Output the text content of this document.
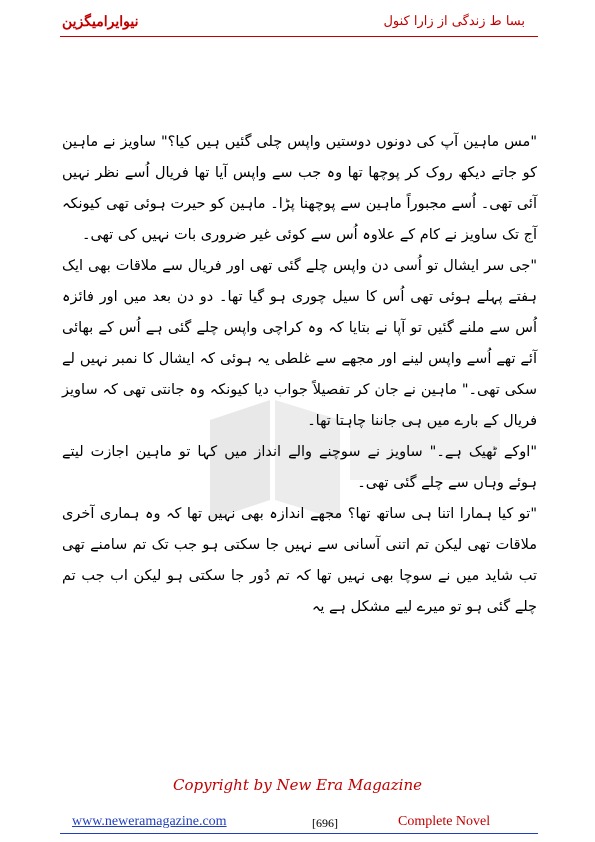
نیوایرامیگزین	بسا ط زندگی از زارا کنول

"مس ماہین آپ کی دونوں دوستیں واپس چلی گئیں ہیں کیا؟" ساویز نے ماہین کو جاتے دیکھ روک کر پوچھا تھا وہ جب سے واپس آیا تھا فریال اُسے نظر نہیں آئی تھی۔ اُسے مجبوراً ماہین سے پوچھنا پڑا۔ ماہین کو حیرت ہوئی تھی کیونکہ آج تک ساویز نے کام کے علاوہ اُس سے کوئی غیر ضروری بات نہیں کی تھی۔

"جی سر ایشال تو اُسی دن واپس چلے گئی تھی اور فریال سے ملاقات بھی ایک ہفتے پہلے ہوئی تھی اُس کا سیل چوری ہو گیا تھا۔ دو دن بعد میں اور فائزہ اُس سے ملنے گئیں تو آپا نے بتایا کہ وہ کراچی واپس چلے گئی ہے اُس کے بھائی آئے تھے اُسے واپس لینے اور مجھے سے غلطی یہ ہوئی کہ ایشال کا نمبر نہیں لے سکی تھی۔" ماہین نے جان کر تفصیلاً جواب دیا کیونکہ وہ جانتی تھی کہ ساویز فریال کے بارے میں ہی جاننا چاہتا تھا۔

"اوکے ٹھیک ہے۔" ساویز نے سوچنے والے انداز میں کہا تو ماہین اجازت لیتے ہوئے وہاں سے چلے گئی تھی۔

"تو کیا ہمارا اتنا ہی ساتھ تھا؟ مجھے اندازہ بھی نہیں تھا کہ وہ ہماری آخری ملاقات تھی لیکن تم اتنی آسانی سے نہیں جا سکتی ہو جب تک تم سامنے تھی تب شاید میں نے سوچا بھی نہیں تھا کہ تم دُور جا سکتی ہو لیکن اب جب تم چلے گئی ہو تو میرے لیے مشکل ہے یہ

Copyright by New Era Magazine
www.neweramagazine.com	[696]	Complete Novel
